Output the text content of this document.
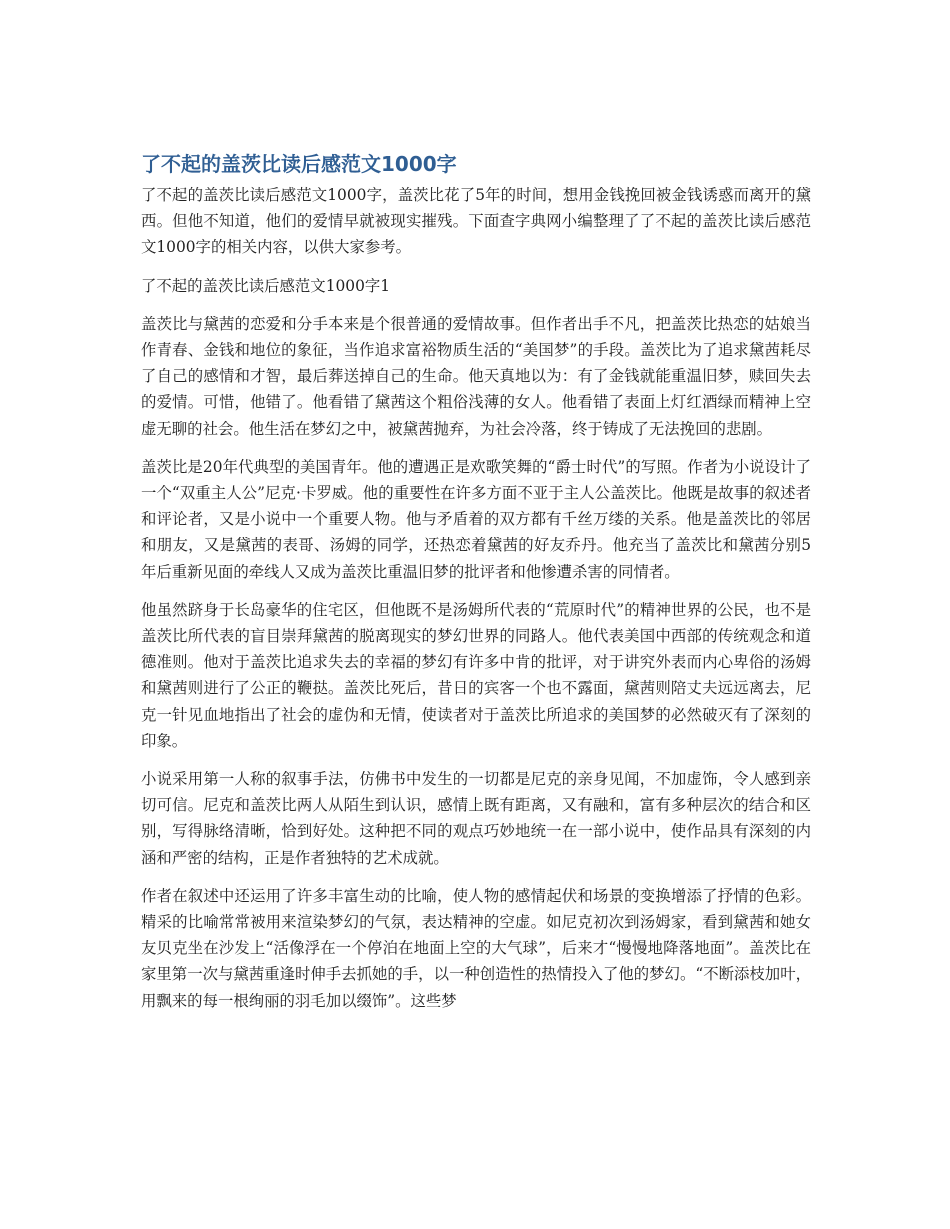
了不起的盖茨比读后感范文1000字

了不起的盖茨比读后感范文1000字，盖茨比花了5年的时间，想用金钱挽回被金钱诱惑而离开的黛西。但他不知道，他们的爱情早就被现实摧残。下面查字典网小编整理了了不起的盖茨比读后感范文1000字的相关内容，以供大家参考。

了不起的盖茨比读后感范文1000字1

盖茨比与黛茜的恋爱和分手本来是个很普通的爱情故事。但作者出手不凡，把盖茨比热恋的姑娘当作青春、金钱和地位的象征，当作追求富裕物质生活的“美国梦”的手段。盖茨比为了追求黛茜耗尽了自己的感情和才智，最后葬送掉自己的生命。他天真地以为：有了金钱就能重温旧梦，赎回失去的爱情。可惜，他错了。他看错了黛茜这个粗俗浅薄的女人。他看错了表面上灯红酒绿而精神上空虚无聊的社会。他生活在梦幻之中，被黛茜抛弃，为社会冷落，终于铸成了无法挽回的悲剧。

盖茨比是20年代典型的美国青年。他的遭遇正是欢歌笑舞的“爵士时代”的写照。作者为小说设计了一个“双重主人公”尼克·卡罗威。他的重要性在许多方面不亚于主人公盖茨比。他既是故事的叙述者和评论者，又是小说中一个重要人物。他与矛盾着的双方都有千丝万缕的关系。他是盖茨比的邻居和朋友，又是黛茜的表哥、汤姆的同学，还热恋着黛茜的好友乔丹。他充当了盖茨比和黛茜分别5年后重新见面的牵线人又成为盖茨比重温旧梦的批评者和他惨遭杀害的同情者。

他虽然跻身于长岛豪华的住宅区，但他既不是汤姆所代表的“荒原时代”的精神世界的公民，也不是盖茨比所代表的盲目崇拜黛茜的脱离现实的梦幻世界的同路人。他代表美国中西部的传统观念和道德准则。他对于盖茨比追求失去的幸福的梦幻有许多中肯的批评，对于讲究外表而内心卑俗的汤姆和黛茜则进行了公正的鞭挞。盖茨比死后，昔日的宾客一个也不露面，黛茜则陪丈夫远远离去，尼克一针见血地指出了社会的虚伪和无情，使读者对于盖茨比所追求的美国梦的必然破灭有了深刻的印象。

小说采用第一人称的叙事手法，仿佛书中发生的一切都是尼克的亲身见闻，不加虚饰，令人感到亲切可信。尼克和盖茨比两人从陌生到认识，感情上既有距离，又有融和，富有多种层次的结合和区别，写得脉络清晰，恰到好处。这种把不同的观点巧妙地统一在一部小说中，使作品具有深刻的内涵和严密的结构，正是作者独特的艺术成就。

作者在叙述中还运用了许多丰富生动的比喻，使人物的感情起伏和场景的变换增添了抒情的色彩。精采的比喻常常被用来渲染梦幻的气氛，表达精神的空虚。如尼克初次到汤姆家，看到黛茜和她女友贝克坐在沙发上“活像浮在一个停泊在地面上空的大气球”，后来才“慢慢地降落地面”。盖茨比在家里第一次与黛茜重逢时伸手去抓她的手，以一种创造性的热情投入了他的梦幻。“不断添枝加叶，用飘来的每一根绚丽的羽毛加以缀饰”。这些梦
